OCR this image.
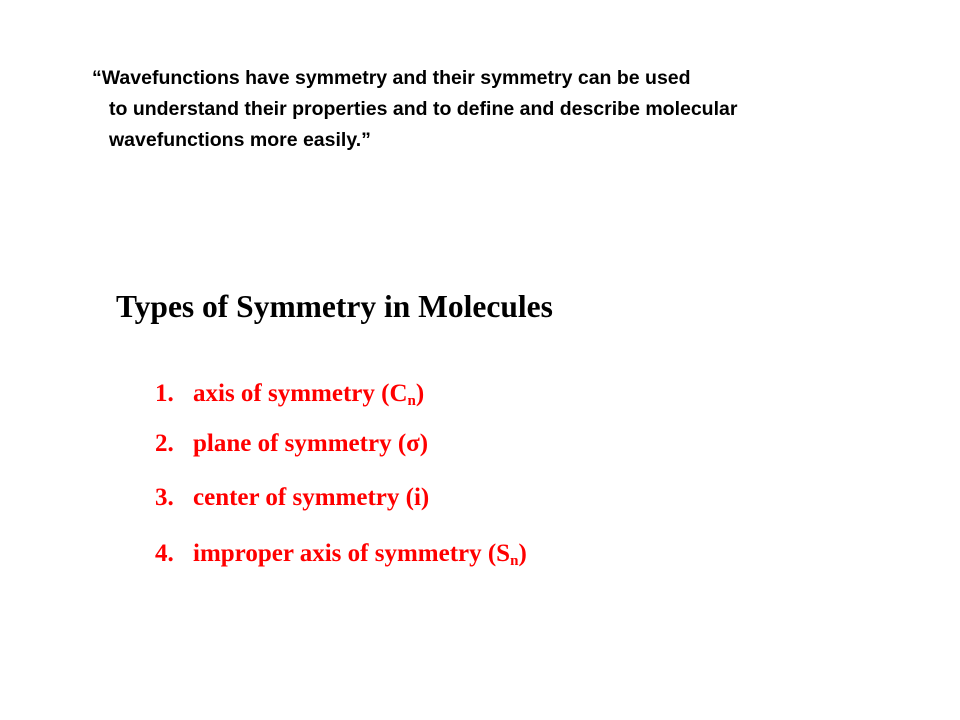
“Wavefunctions have symmetry and their symmetry can be used
to understand their properties and to define and describe molecular
wavefunctions more easily.”
Types of Symmetry in Molecules
1. axis of symmetry $(C_n)$
2. plane of symmetry (σ)
3. center of symmetry (i)
4. improper axis of symmetry $(S_n)$
